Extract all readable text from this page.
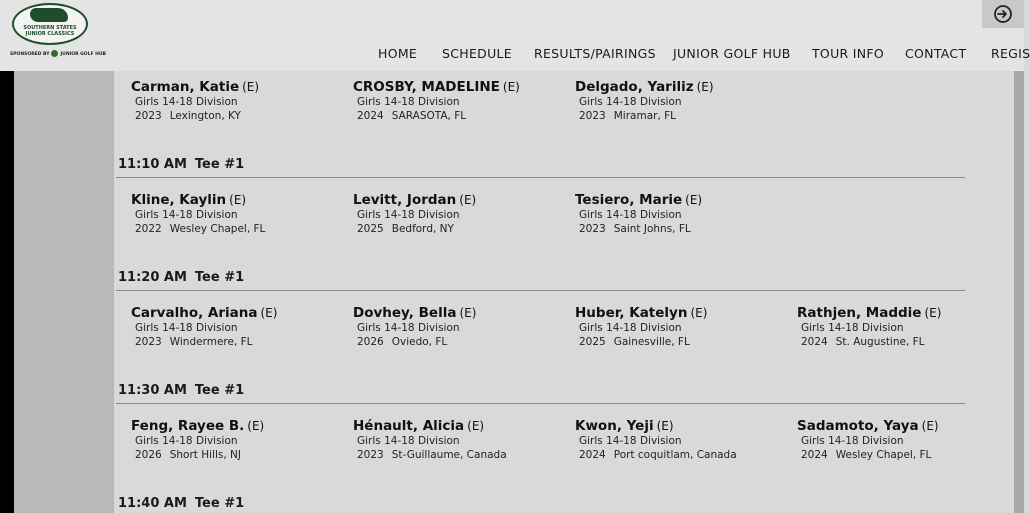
SOUTHERN STATES
JUNIOR CLASSICS
SPONSORED BY JUNIOR GOLF HUB	HOME SCHEDULE RESULTS/PAIRINGS JUNIOR GOLF HUB TOUR INFO CONTACT REGIS
Carman, Katie (E)
Girls 14-18 Division
2023 Lexington, KY
CROSBY, MADELINE (E)
Girls 14-18 Division
2024 SARASOTA, FL
Delgado, Yariliz (E)
Girls 14-18 Division
2023 Miramar, FL
11:10 AM Tee #1
Kline, Kaylin (E)
Girls 14-18 Division
2022 Wesley Chapel, FL
Levitt, Jordan (E)
Girls 14-18 Division
2025 Bedford, NY
Tesiero, Marie (E)
Girls 14-18 Division
2023 Saint Johns, FL
11:20 AM Tee #1
Carvalho, Ariana (E)
Girls 14-18 Division
2023 Windermere, FL
Dovhey, Bella (E)
Girls 14-18 Division
2026 Oviedo, FL
Huber, Katelyn (E)
Girls 14-18 Division
2025 Gainesville, FL
Rathjen, Maddie (E)
Girls 14-18 Division
2024 St. Augustine, FL
11:30 AM Tee #1
Feng, Rayee B. (E)
Girls 14-18 Division
2026 Short Hills, NJ
Hénault, Alicia (E)
Girls 14-18 Division
2023 St-Guillaume, Canada
Kwon, Yeji (E)
Girls 14-18 Division
2024 Port coquitlam, Canada
Sadamoto, Yaya (E)
Girls 14-18 Division
2024 Wesley Chapel, FL
11:40 AM Tee #1
